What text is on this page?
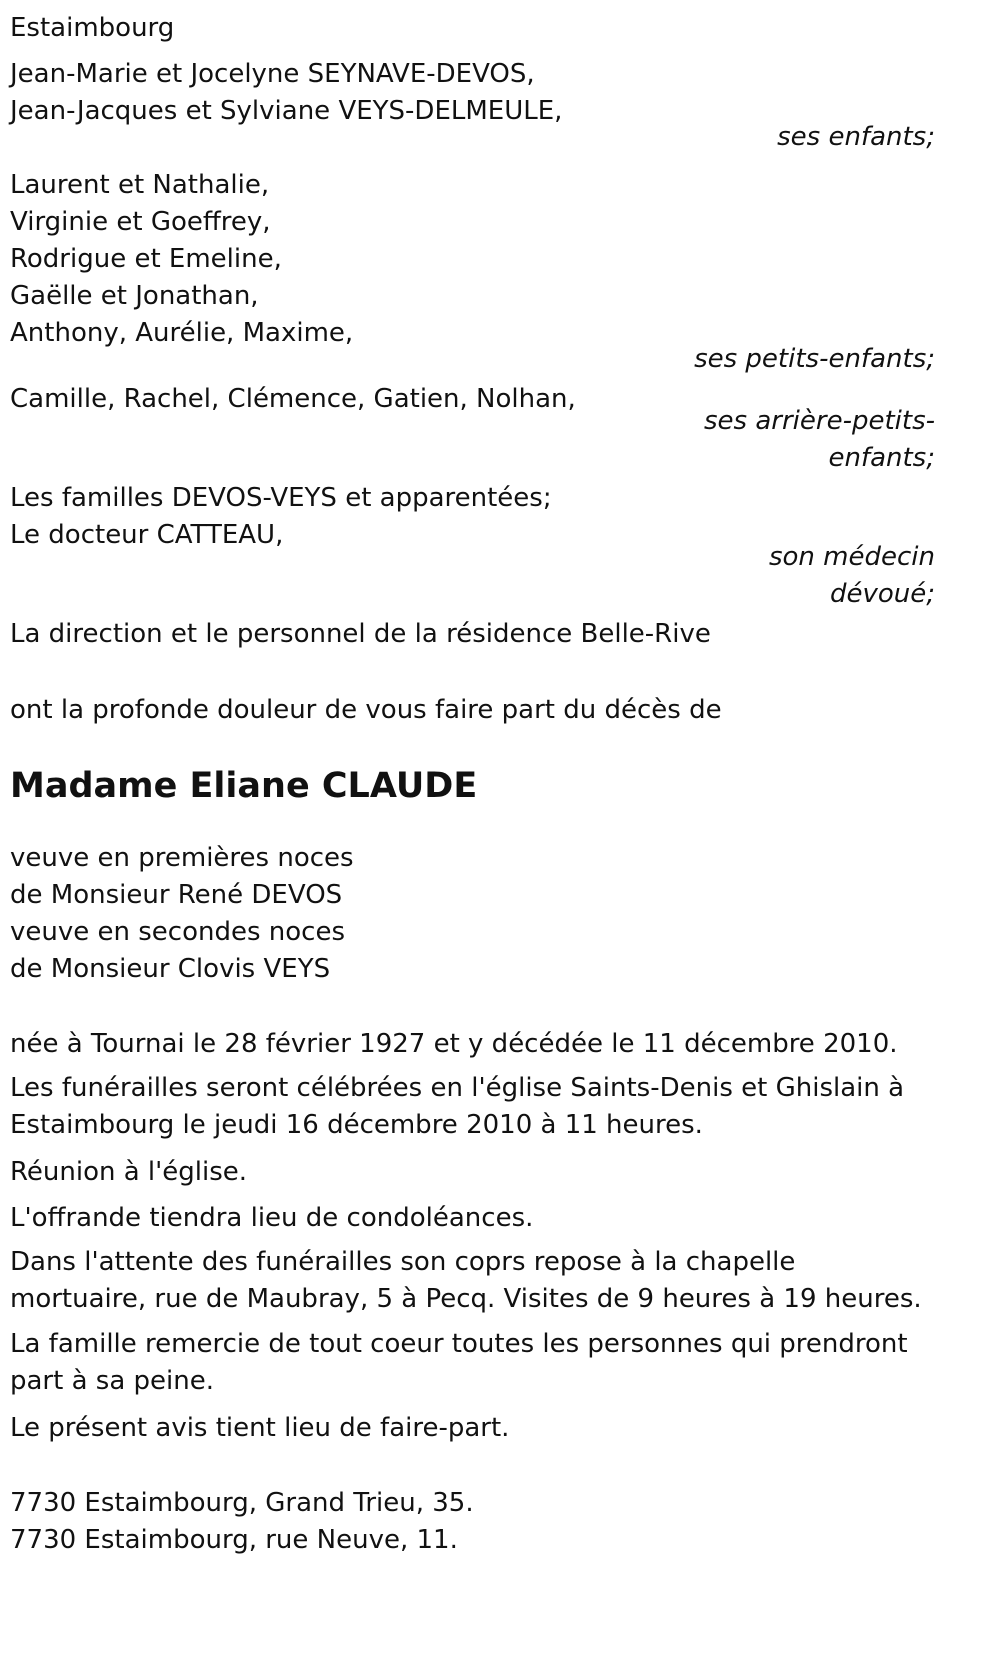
Estaimbourg
Jean-Marie et Jocelyne SEYNAVE-DEVOS,
Jean-Jacques et Sylviane VEYS-DELMEULE,
ses enfants;
Laurent et Nathalie,
Virginie et Goeffrey,
Rodrigue et Emeline,
Gaëlle et Jonathan,
Anthony, Aurélie, Maxime,
ses petits-enfants;
Camille, Rachel, Clémence, Gatien, Nolhan,
ses arrière-petits-
enfants;
Les familles DEVOS-VEYS et apparentées;
Le docteur CATTEAU,
son médecin
dévoué;
La direction et le personnel de la résidence Belle-Rive
ont la profonde douleur de vous faire part du décès de
Madame Eliane CLAUDE
veuve en premières noces
de Monsieur René DEVOS
veuve en secondes noces
de Monsieur Clovis VEYS

née à Tournai le 28 février 1927 et y décédée le 11 décembre 2010.

Les funérailles seront célébrées en l'église Saints-Denis et Ghislain à Estaimbourg le jeudi 16 décembre 2010 à 11 heures.

Réunion à l'église.

L'offrande tiendra lieu de condoléances.

Dans l'attente des funérailles son coprs repose à la chapelle mortuaire, rue de Maubray, 5 à Pecq. Visites de 9 heures à 19 heures.

La famille remercie de tout coeur toutes les personnes qui prendront part à sa peine.

Le présent avis tient lieu de faire-part.

7730 Estaimbourg, Grand Trieu, 35.
7730 Estaimbourg, rue Neuve, 11.
